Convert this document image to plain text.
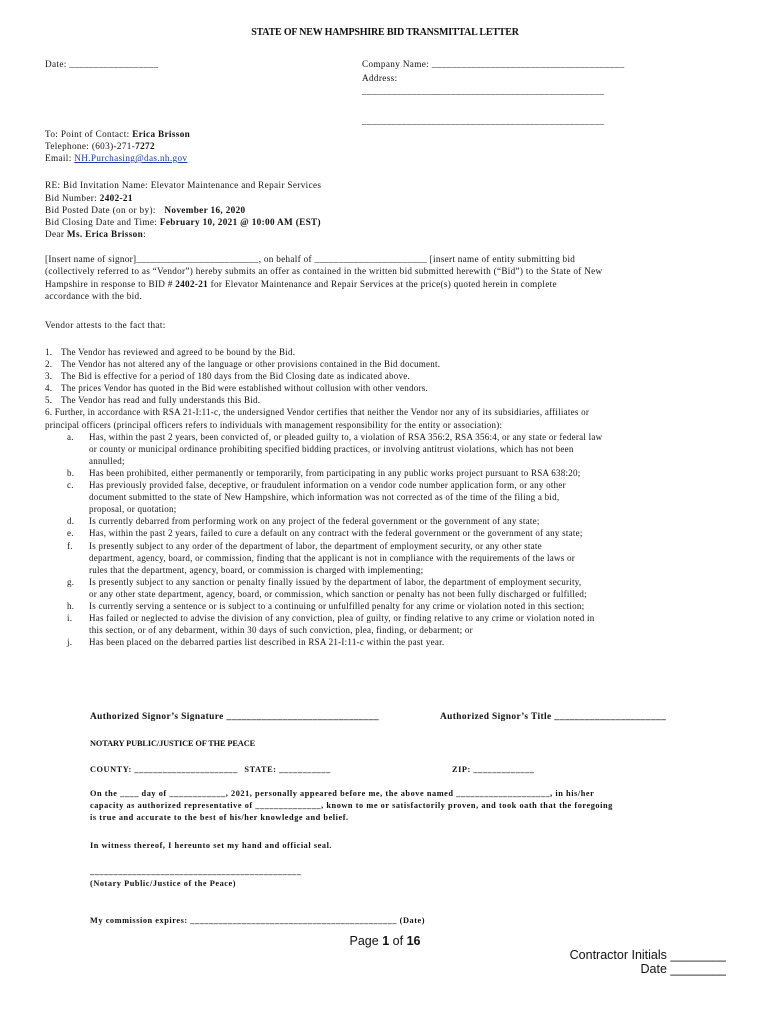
STATE OF NEW HAMPSHIRE BID TRANSMITTAL LETTER
Date: __________________	Company Name: _______________________________________
Address:
_________________________________________________
_________________________________________________
To: Point of Contact: Erica Brisson
Telephone: (603)-271-7272
Email: NH.Purchasing@das.nh.gov
RE: Bid Invitation Name: Elevator Maintenance and Repair Services
Bid Number: 2402-21
Bid Posted Date (on or by): November 16, 2020
Bid Closing Date and Time: February 10, 2021 @ 10:00 AM (EST)
Dear Ms. Erica Brisson:
[Insert name of signor]_________________________, on behalf of _______________________ [insert name of entity submitting bid
(collectively referred to as “Vendor”) hereby submits an offer as contained in the written bid submitted herewith (“Bid”) to the State of New
Hampshire in response to BID # 2402-21 for Elevator Maintenance and Repair Services at the price(s) quoted herein in complete
accordance with the bid.
Vendor attests to the fact that:
1. The Vendor has reviewed and agreed to be bound by the Bid.
2. The Vendor has not altered any of the language or other provisions contained in the Bid document.
3. The Bid is effective for a period of 180 days from the Bid Closing date as indicated above.
4. The prices Vendor has quoted in the Bid were established without collusion with other vendors.
5. The Vendor has read and fully understands this Bid.
6. Further, in accordance with RSA 21-I:11-c, the undersigned Vendor certifies that neither the Vendor nor any of its subsidiaries, affiliates or
principal officers (principal officers refers to individuals with management responsibility for the entity or association):
a.	Has, within the past 2 years, been convicted of, or pleaded guilty to, a violation of RSA 356:2, RSA 356:4, or any state or federal law
or county or municipal ordinance prohibiting specified bidding practices, or involving antitrust violations, which has not been
annulled;
b.	Has been prohibited, either permanently or temporarily, from participating in any public works project pursuant to RSA 638:20;
c.	Has previously provided false, deceptive, or fraudulent information on a vendor code number application form, or any other
document submitted to the state of New Hampshire, which information was not corrected as of the time of the filing a bid,
proposal, or quotation;
d.	Is currently debarred from performing work on any project of the federal government or the government of any state;
e.	Has, within the past 2 years, failed to cure a default on any contract with the federal government or the government of any state;
f.	Is presently subject to any order of the department of labor, the department of employment security, or any other state
department, agency, board, or commission, finding that the applicant is not in compliance with the requirements of the laws or
rules that the department, agency, board, or commission is charged with implementing;
g.	Is presently subject to any sanction or penalty finally issued by the department of labor, the department of employment security,
or any other state department, agency, board, or commission, which sanction or penalty has not been fully discharged or fulfilled;
h.	Is currently serving a sentence or is subject to a continuing or unfulfilled penalty for any crime or violation noted in this section;
i.	Has failed or neglected to advise the division of any conviction, plea of guilty, or finding relative to any crime or violation noted in
this section, or of any debarment, within 30 days of such conviction, plea, finding, or debarment; or
j.	Has been placed on the debarred parties list described in RSA 21-I:11-c within the past year.
Authorized Signor’s Signature ______________________________	Authorized Signor’s Title ______________________
NOTARY PUBLIC/JUSTICE OF THE PEACE
COUNTY: ______________________ STATE: ___________	ZIP: _____________
On the ____ day of ____________, 2021, personally appeared before me, the above named ____________________, in his/her
capacity as authorized representative of ______________, known to me or satisfactorily proven, and took oath that the foregoing
is true and accurate to the best of his/her knowledge and belief.
In witness thereof, I hereunto set my hand and official seal.
_____________________________________________
(Notary Public/Justice of the Peace)
My commission expires: ____________________________________________ (Date)
Page 1 of 16
Contractor Initials ________
Date ________
